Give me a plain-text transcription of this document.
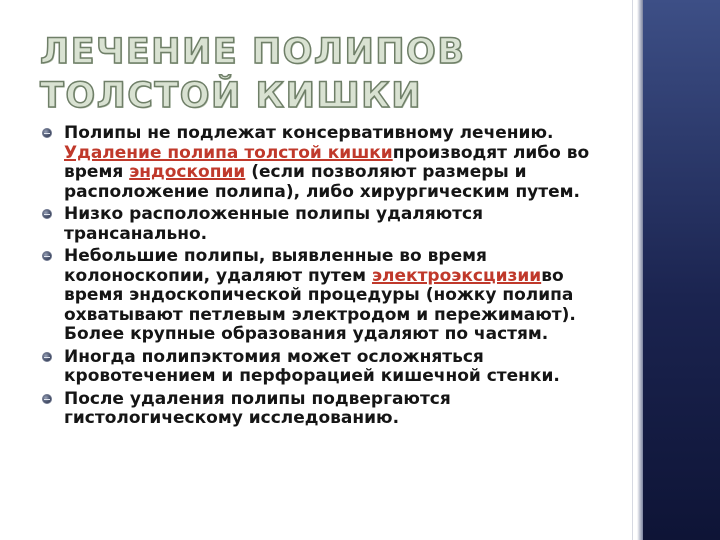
ЛЕЧЕНИЕ ПОЛИПОВ ТОЛСТОЙ КИШКИ
Полипы не подлежат консервативному лечению. Удаление полипа толстой кишкипроизводят либо во время эндоскопии (если позволяют размеры и расположение полипа), либо хирургическим путем.
Низко расположенные полипы удаляются трансанально.
Небольшие полипы, выявленные во время колоноскопии, удаляют путем электроэксцизииво время эндоскопической процедуры (ножку полипа охватывают петлевым электродом и пережимают). Более крупные образования удаляют по частям.
Иногда полипэктомия может осложняться кровотечением и перфорацией кишечной стенки.
После удаления полипы подвергаются гистологическому исследованию.
